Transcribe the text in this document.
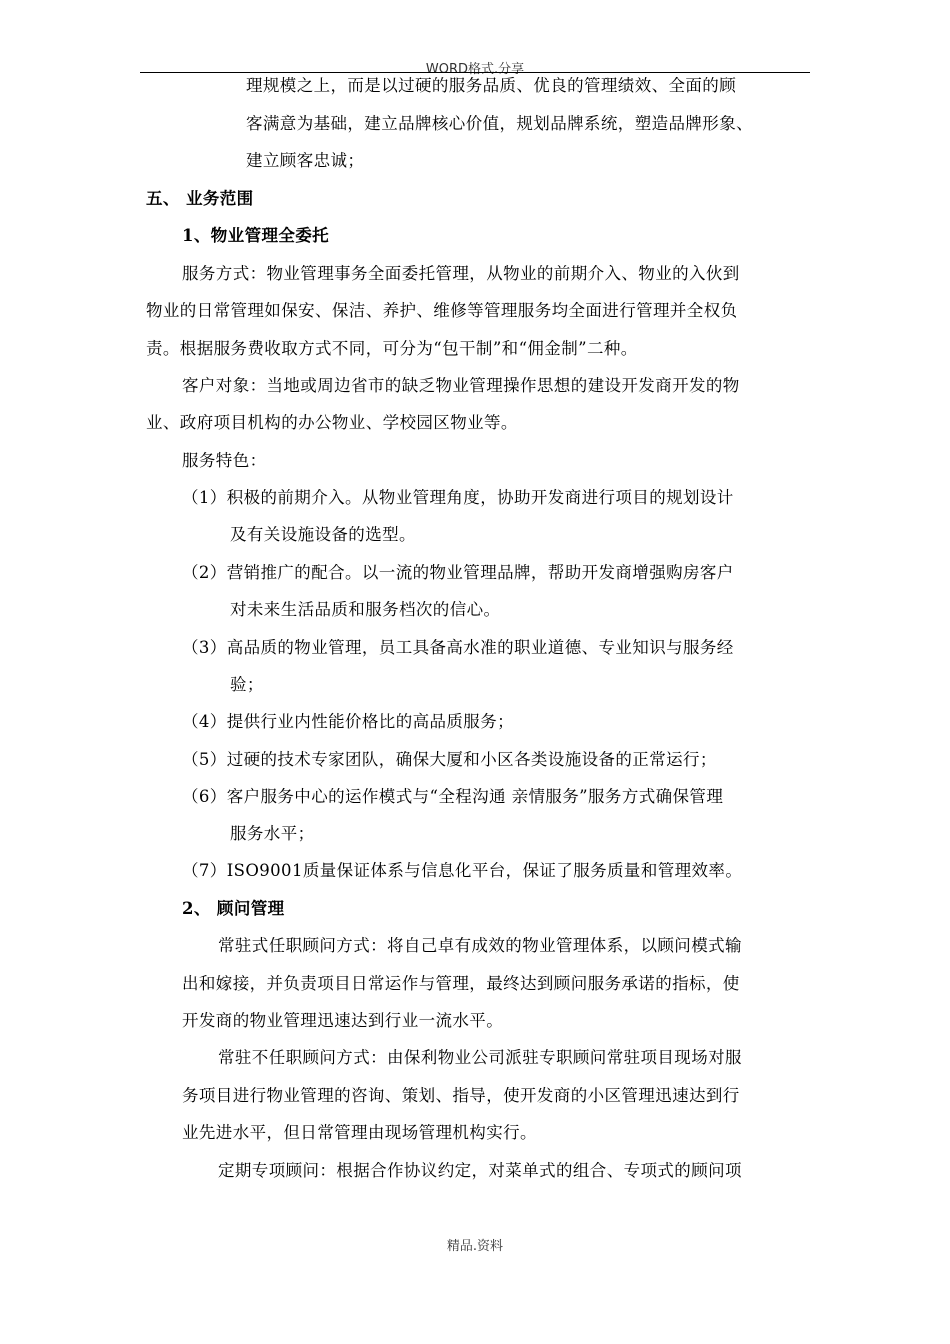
WORD格式.分享
理规模之上，而是以过硬的服务品质、优良的管理绩效、全面的顾
客满意为基础，建立品牌核心价值，规划品牌系统，塑造品牌形象、
建立顾客忠诚；
五、 业务范围
1、物业管理全委托
服务方式：物业管理事务全面委托管理，从物业的前期介入、物业的入伙到
物业的日常管理如保安、保洁、养护、维修等管理服务均全面进行管理并全权负
责。根据服务费收取方式不同，可分为“包干制”和“佣金制”二种。
客户对象：当地或周边省市的缺乏物业管理操作思想的建设开发商开发的物
业、政府项目机构的办公物业、学校园区物业等。
服务特色：
（1）积极的前期介入。从物业管理角度，协助开发商进行项目的规划设计
及有关设施设备的选型。
（2）营销推广的配合。以一流的物业管理品牌，帮助开发商增强购房客户
对未来生活品质和服务档次的信心。
（3）高品质的物业管理，员工具备高水准的职业道德、专业知识与服务经
验；
（4）提供行业内性能价格比的高品质服务；
（5）过硬的技术专家团队，确保大厦和小区各类设施设备的正常运行；
（6）客户服务中心的运作模式与“全程沟通 亲情服务”服务方式确保管理
服务水平；
（7）ISO9001质量保证体系与信息化平台，保证了服务质量和管理效率。
2、 顾问管理
常驻式任职顾问方式：将自己卓有成效的物业管理体系，以顾问模式输
出和嫁接，并负责项目日常运作与管理，最终达到顾问服务承诺的指标，使
开发商的物业管理迅速达到行业一流水平。
常驻不任职顾问方式：由保利物业公司派驻专职顾问常驻项目现场对服
务项目进行物业管理的咨询、策划、指导，使开发商的小区管理迅速达到行
业先进水平，但日常管理由现场管理机构实行。
定期专项顾问：根据合作协议约定，对菜单式的组合、专项式的顾问项
精品.资料
